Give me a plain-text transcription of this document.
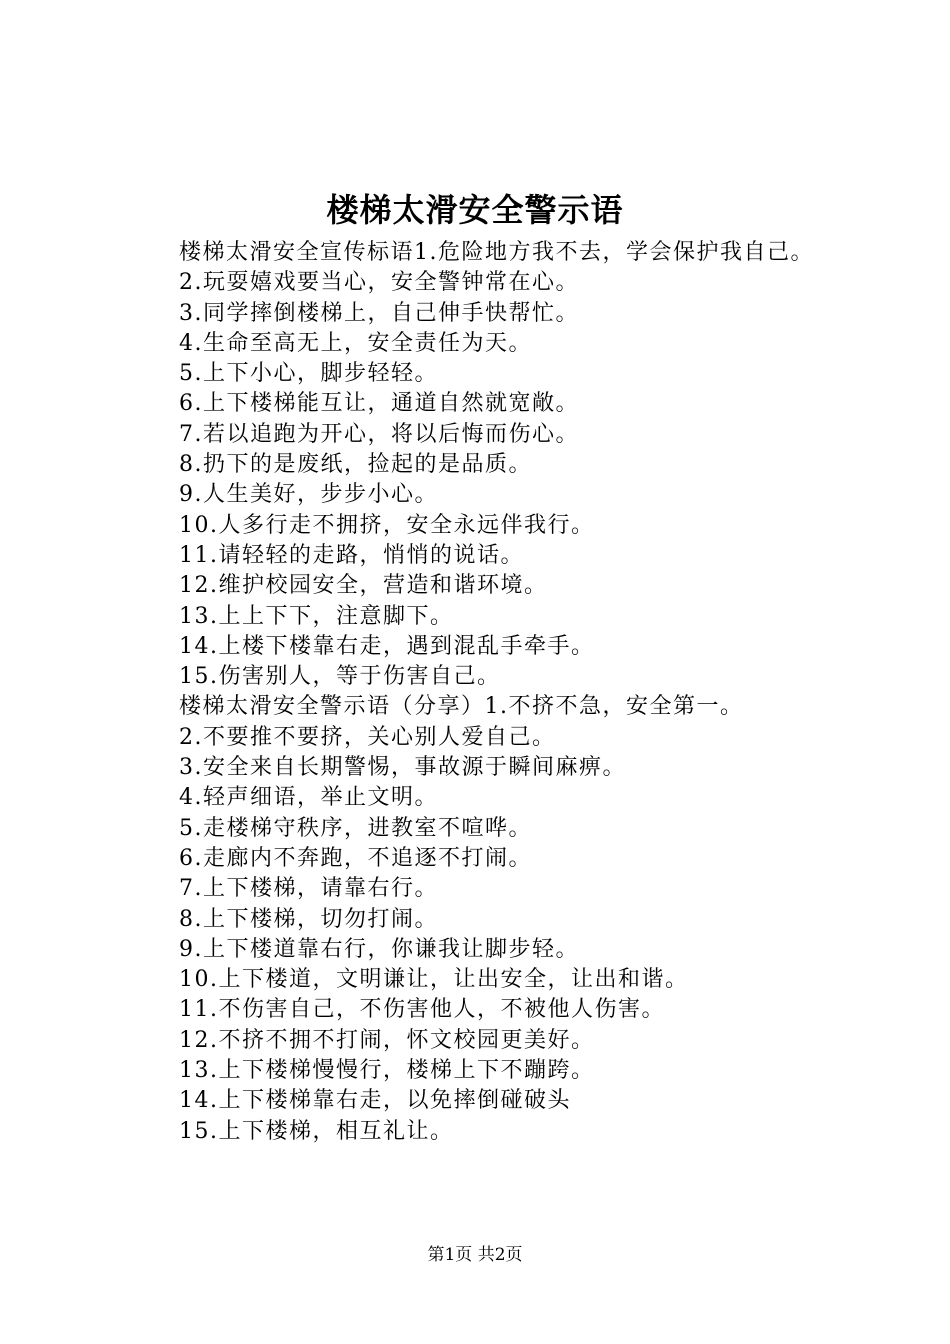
楼梯太滑安全警示语

楼梯太滑安全宣传标语1.危险地方我不去，学会保护我自己。

2.玩耍嬉戏要当心，安全警钟常在心。

3.同学摔倒楼梯上，自己伸手快帮忙。

4.生命至高无上，安全责任为天。

5.上下小心，脚步轻轻。

6.上下楼梯能互让，通道自然就宽敞。

7.若以追跑为开心，将以后悔而伤心。

8.扔下的是废纸，捡起的是品质。

9.人生美好，步步小心。

10.人多行走不拥挤，安全永远伴我行。

11.请轻轻的走路，悄悄的说话。

12.维护校园安全，营造和谐环境。

13.上上下下，注意脚下。

14.上楼下楼靠右走，遇到混乱手牵手。

15.伤害别人，等于伤害自己。

楼梯太滑安全警示语（分享）1.不挤不急，安全第一。

2.不要推不要挤，关心别人爱自己。

3.安全来自长期警惕，事故源于瞬间麻痹。

4.轻声细语，举止文明。

5.走楼梯守秩序，进教室不喧哗。

6.走廊内不奔跑，不追逐不打闹。

7.上下楼梯，请靠右行。

8.上下楼梯，切勿打闹。

9.上下楼道靠右行，你谦我让脚步轻。

10.上下楼道，文明谦让，让出安全，让出和谐。

11.不伤害自己，不伤害他人，不被他人伤害。

12.不挤不拥不打闹，怀文校园更美好。

13.上下楼梯慢慢行，楼梯上下不蹦跨。

14.上下楼梯靠右走，以免摔倒碰破头

15.上下楼梯，相互礼让。

第1页 共2页
